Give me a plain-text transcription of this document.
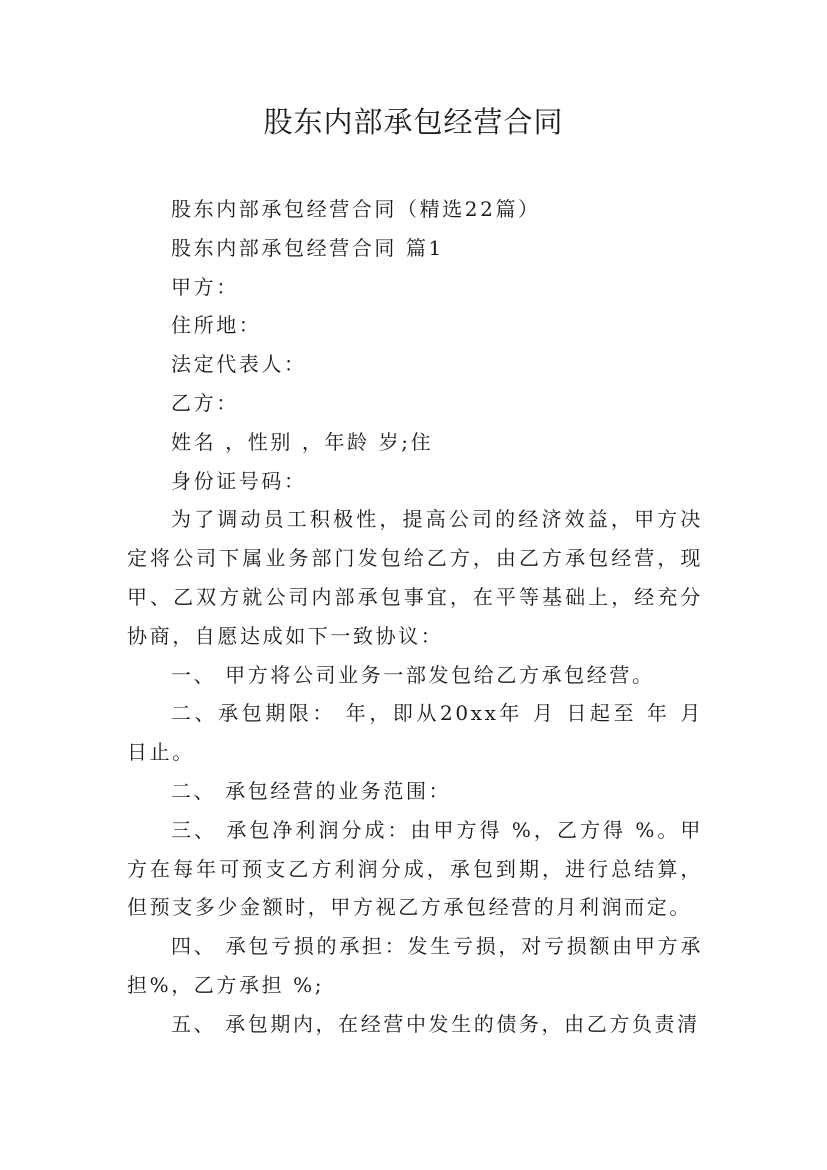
股东内部承包经营合同

股东内部承包经营合同（精选22篇）

股东内部承包经营合同 篇1

甲方：

住所地：

法定代表人：

乙方：

姓名 ，性别 ，年龄 岁;住

身份证号码：

为了调动员工积极性，提高公司的经济效益，甲方决定将公司下属业务部门发包给乙方，由乙方承包经营，现甲、乙双方就公司内部承包事宜，在平等基础上，经充分协商，自愿达成如下一致协议：

一、 甲方将公司业务一部发包给乙方承包经营。

二、承包期限： 年，即从20xx年 月 日起至 年 月日止。

二、 承包经营的业务范围：

三、 承包净利润分成：由甲方得 %，乙方得 %。甲方在每年可预支乙方利润分成，承包到期，进行总结算，但预支多少金额时，甲方视乙方承包经营的月利润而定。

四、 承包亏损的承担：发生亏损，对亏损额由甲方承担%，乙方承担 %;

五、 承包期内，在经营中发生的债务，由乙方负责清
